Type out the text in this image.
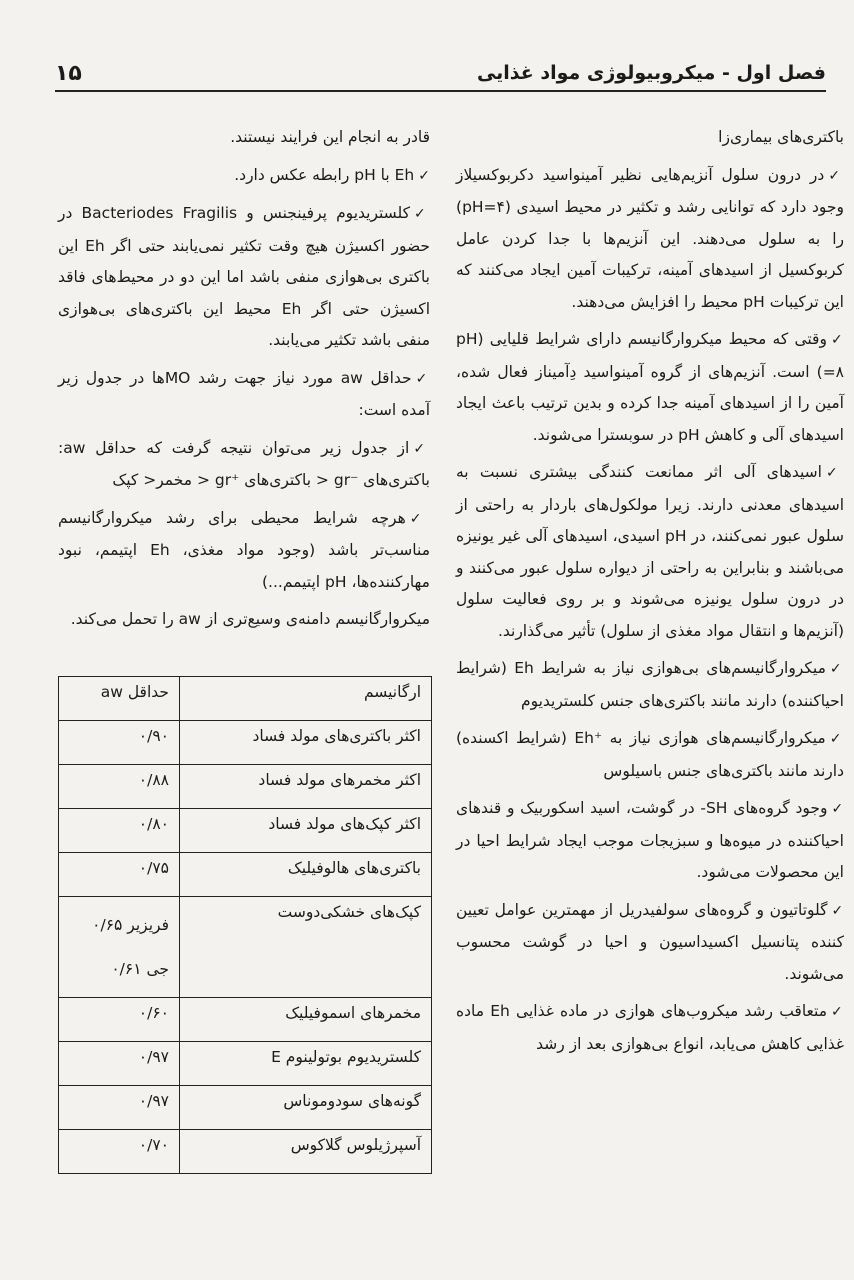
فصل اول - میکروبیولوژی مواد غذایی
۱۵

باکتری‌های بیماری‌زا

✓در درون سلول آنزیم‌هایی نظیر آمینواسید دکربوکسیلاز وجود دارد که توانایی رشد و تکثیر در محیط اسیدی (pH=۴) را به سلول می‌دهند. این آنزیم‌ها با جدا کردن عامل کربوکسیل از اسیدهای آمینه، ترکیبات آمین ایجاد می‌کنند که این ترکیبات pH محیط را افزایش می‌دهند.

✓وقتی که محیط میکروارگانیسم دارای شرایط قلیایی (pH =۸) است. آنزیم‌های از گروه آمینواسید دِآمیناز فعال شده، آمین را از اسیدهای آمینه جدا کرده و بدین ترتیب باعث ایجاد اسیدهای آلی و کاهش pH در سوبسترا می‌شوند.

✓اسیدهای آلی اثر ممانعت کنندگی بیشتری نسبت به اسیدهای معدنی دارند. زیرا مولکول‌های باردار به راحتی از سلول عبور نمی‌کنند، در pH اسیدی، اسیدهای آلی غیر یونیزه می‌باشند و بنابراین به راحتی از دیواره سلول عبور می‌کنند و در درون سلول یونیزه می‌شوند و بر روی فعالیت سلول (آنزیم‌ها و انتقال مواد مغذی از سلول) تأثیر می‌گذارند.

✓میکروارگانیسم‌های بی‌هوازی نیاز به شرایط Eh (شرایط احیاکننده) دارند مانند باکتری‌های جنس کلستریدیوم

✓میکروارگانیسم‌های هوازی نیاز به ⁺Eh (شرایط اکسنده) دارند مانند باکتری‌های جنس باسیلوس

✓وجود گروه‌های SH- در گوشت، اسید اسکوربیک و قندهای احیاکننده در میوه‌ها و سبزیجات موجب ایجاد شرایط احیا در این محصولات می‌شود.

✓گلوتاتیون و گروه‌های سولفیدریل از مهمترین عوامل تعیین کننده پتانسیل اکسیداسیون و احیا در گوشت محسوب می‌شوند.

✓متعاقب رشد میکروب‌های هوازی در ماده غذایی Eh ماده غذایی کاهش می‌یابد، انواع بی‌هوازی بعد از رشد

قادر به انجام این فرایند نیستند.

✓Eh با pH رابطه عکس دارد.

✓کلستریدیوم پرفینجنس و Bacteriodes Fragilis در حضور اکسیژن هیچ وقت تکثیر نمی‌یابند حتی اگر Eh این باکتری بی‌هوازی منفی باشد اما این دو در محیط‌های فاقد اکسیژن حتی اگر Eh محیط این باکتری‌های بی‌هوازی منفی باشد تکثیر می‌یابند.

✓حداقل aw مورد نیاز جهت رشد MOها در جدول زیر آمده است:

✓از جدول زیر می‌توان نتیجه گرفت که حداقل aw: باکتری‌های ⁻gr < باکتری‌های ⁺gr < مخمر< کپک

✓هرچه شرایط محیطی برای رشد میکروارگانیسم مناسب‌تر باشد (وجود مواد مغذی، Eh اپتیمم، نبود مهارکننده‌ها، pH اپتیمم...)

میکروارگانیسم دامنه‌ی وسیع‌تری از aw را تحمل می‌کند.

ارگانیسم	حداقل aw
اکثر باکتری‌های مولد فساد	۰/۹۰
اکثر مخمرهای مولد فساد	۰/۸۸
اکثر کپک‌های مولد فساد	۰/۸۰
باکتری‌های هالوفیلیک	۰/۷۵
کپک‌های خشکی‌دوست	فریزیر ۰/۶۵ جی ۰/۶۱
مخمرهای اسموفیلیک	۰/۶۰
کلستریدیوم بوتولینوم E	۰/۹۷
گونه‌های سودوموناس	۰/۹۷
آسپرژیلوس گلاکوس	۰/۷۰
